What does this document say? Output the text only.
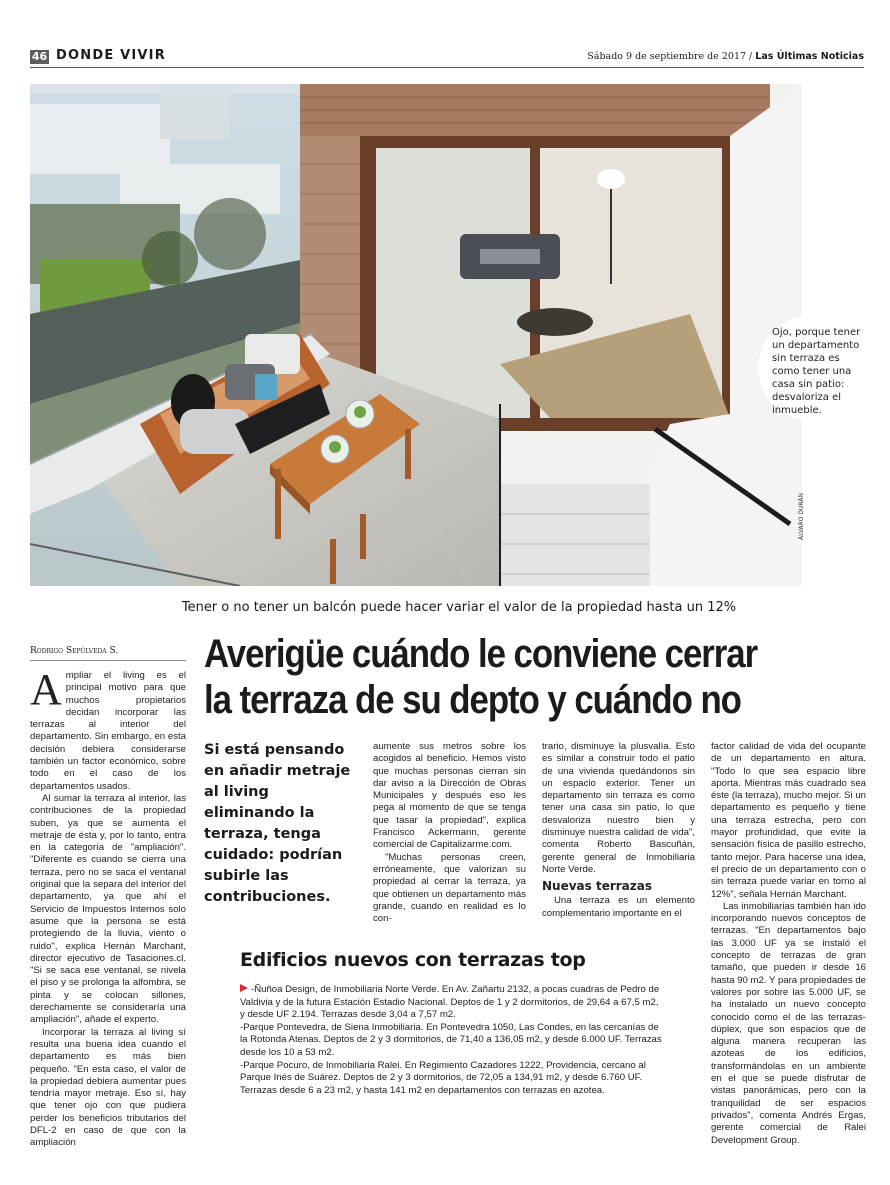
46 DONDE VIVIR	Sábado 9 de septiembre de 2017 / Las Últimas Noticias
Ojo, porque tener un departamento sin terraza es como tener una casa sin patio: desvaloriza el inmueble.
ÁLVARO DURÁN
Tener o no tener un balcón puede hacer variar el valor de la propiedad hasta un 12%
Rodrigo Sepúlveda S. Averigüe cuándo le conviene cerrar
la terraza de su depto y cuándo no
Si está pensando en añadir metraje al living eliminando la terraza, tenga cuidado: podrían subirle las contribuciones.

Ampliar el living es el principal motivo para que muchos propietarios decidan incorporar las terrazas al interior del departamento. Sin embargo, en esta decisión debiera considerarse también un factor económico, sobre todo en el caso de los departamentos usados.

Al sumar la terraza al interior, las contribuciones de la propiedad suben, ya que se aumenta el metraje de ésta y, por lo tanto, entra en la categoría de "ampliación". "Diferente es cuando se cierra una terraza, pero no se saca el ventanal original que la separa del interior del departamento, ya que ahí el Servicio de Impuestos Internos solo asume que la persona se está protegiendo de la lluvia, viento o ruido", explica Hernán Marchant, director ejecutivo de Tasaciones.cl. "Si se saca ese ventanal, se nivela el piso y se prolonga la alfombra, se pinta y se colocan sillones, derechamente se consideraría una ampliación", añade el experto.

Incorporar la terraza al living sí resulta una buena idea cuando el departamento es más bien pequeño. "En esta caso, el valor de la propiedad debiera aumentar pues tendría mayor metraje. Eso sí, hay que tener ojo con que pudiera perder los beneficios tributarios del DFL-2 en caso de que con la ampliación

aumente sus metros sobre los acogidos al beneficio. Hemos visto que muchas personas cierran sin dar aviso a la Dirección de Obras Municipales y después eso les pega al momento de que se tenga que tasar la propiedad", explica Francisco Ackermann, gerente comercial de Capitalizarme.com.

"Muchas personas creen, erróneamente, que valorizan su propiedad al cerrar la terraza, ya que obtienen un departamento más grande, cuando en realidad es lo con-

trario, disminuye la plusvalía. Esto es similar a construir todo el patio de una vivienda quedándonos sin un espacio exterior. Tener un departamento sin terraza es como tener una casa sin patio, lo que desvaloriza nuestro bien y disminuye nuestra calidad de vida", comenta Roberto Bascuñán, gerente general de Inmobiliaria Norte Verde.

Nuevas terrazas

Una terraza es un elemento complementario importante en el

factor calidad de vida del ocupante de un departamento en altura. "Todo lo que sea espacio libre aporta. Mientras más cuadrado sea éste (la terraza), mucho mejor. Si un departamento es pequeño y tiene una terraza estrecha, pero con mayor profundidad, que evite la sensación física de pasillo estrecho, tanto mejor. Para hacerse una idea, el precio de un departamento con o sin terraza puede variar en torno al 12%", señala Hernán Marchant.

Las inmobiliarias también han ido incorporando nuevos conceptos de terrazas. "En departamentos bajo las 3.000 UF ya se instaló el concepto de terrazas de gran tamaño, que pueden ir desde 16 hasta 90 m2. Y para propiedades de valores por sobre las 5.000 UF, se ha instalado un nuevo concepto conocido como el de las terrazas-dúplex, que son espacios que de alguna manera recuperan las azoteas de los edificios, transformándolas en un ambiente en el que se puede disfrutar de vistas panorámicas, pero con la tranquilidad de ser espacios privados", comenta Andrés Ergas, gerente comercial de Ralei Development Group.

Edificios nuevos con terrazas top

-Ñuñoa Design, de Inmobiliaria Norte Verde. En Av. Zañartu 2132, a pocas cuadras de Pedro de Valdivia y de la futura Estación Estadio Nacional. Deptos de 1 y 2 dormitorios, de 29,64 a 67,5 m2, y desde UF 2.194. Terrazas desde 3,04 a 7,57 m2.

-Parque Pontevedra, de Siena Inmobiliaria. En Pontevedra 1050, Las Condes, en las cercanías de la Rotonda Atenas. Deptos de 2 y 3 dormitorios, de 71,40 a 136,05 m2, y desde 6.000 UF. Terrazas desde los 10 a 53 m2.

-Parque Pocuro, de Inmobiliaria Ralei. En Regimiento Cazadores 1222, Providencia, cercano al Parque Inés de Suárez. Deptos de 2 y 3 dormitorios, de 72,05 a 134,91 m2, y desde 6.760 UF. Terrazas desde 6 a 23 m2, y hasta 141 m2 en departamentos con terrazas en azotea.
